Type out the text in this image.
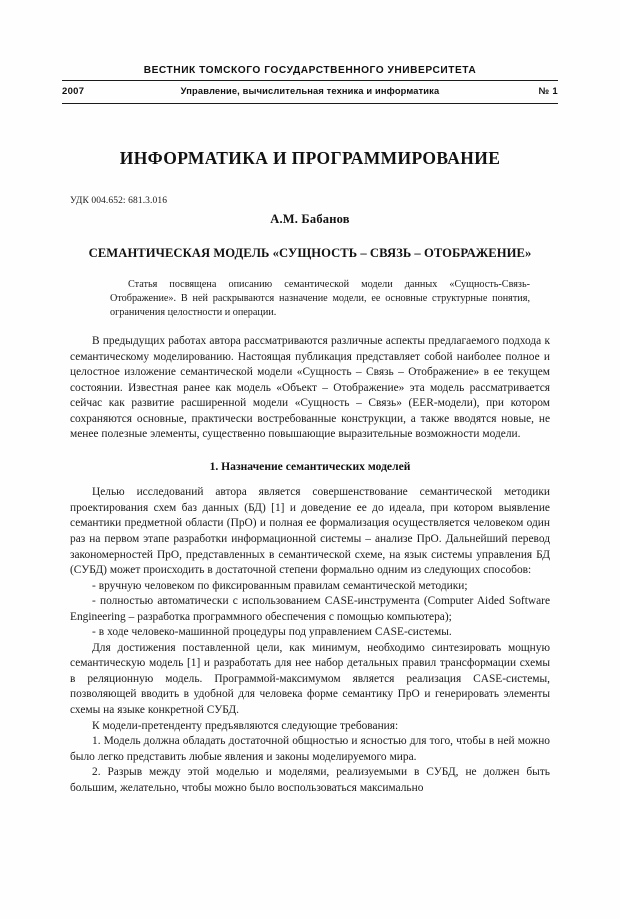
ВЕСТНИК ТОМСКОГО ГОСУДАРСТВЕННОГО УНИВЕРСИТЕТА
Управление, вычислительная техника и информатика
2007	№ 1
ИНФОРМАТИКА И ПРОГРАММИРОВАНИЕ
УДК 004.652: 681.3.016
А.М. Бабанов
СЕМАНТИЧЕСКАЯ МОДЕЛЬ «СУЩНОСТЬ – СВЯЗЬ – ОТОБРАЖЕНИЕ»
Статья посвящена описанию семантической модели данных «Сущность-Связь-Отображение». В ней раскрываются назначение модели, ее основные структурные понятия, ограничения целостности и операции.

В предыдущих работах автора рассматриваются различные аспекты предлагаемого подхода к семантическому моделированию. Настоящая публикация представляет собой наиболее полное и целостное изложение семантической модели «Сущность – Связь – Отображение» в ее текущем состоянии. Известная ранее как модель «Объект – Отображение» эта модель рассматривается сейчас как развитие расширенной модели «Сущность – Связь» (EER-модели), при котором сохраняются основные, практически востребованные конструкции, а также вводятся новые, не менее полезные элементы, существенно повышающие выразительные возможности модели.

1. Назначение семантических моделей

Целью исследований автора является совершенствование семантической методики проектирования схем баз данных (БД) [1] и доведение ее до идеала, при котором выявление семантики предметной области (ПрО) и полная ее формализация осуществляется человеком один раз на первом этапе разработки информационной системы – анализе ПрО. Дальнейший перевод закономерностей ПрО, представленных в семантической схеме, на язык системы управления БД (СУБД) может происходить в достаточной степени формально одним из следующих способов:

- вручную человеком по фиксированным правилам семантической методики;

- полностью автоматически с использованием CASE-инструмента (Computer Aided Software Engineering – разработка программного обеспечения с помощью компьютера);

- в ходе человеко-машинной процедуры под управлением CASE-системы.

Для достижения поставленной цели, как минимум, необходимо синтезировать мощную семантическую модель [1] и разработать для нее набор детальных правил трансформации схемы в реляционную модель. Программой-максимумом является реализация CASE-системы, позволяющей вводить в удобной для человека форме семантику ПрО и генерировать элементы схемы на языке конкретной СУБД.

К модели-претенденту предъявляются следующие требования:

1. Модель должна обладать достаточной общностью и ясностью для того, чтобы в ней можно было легко представить любые явления и законы моделируемого мира.

2. Разрыв между этой моделью и моделями, реализуемыми в СУБД, не должен быть большим, желательно, чтобы можно было воспользоваться максимально
